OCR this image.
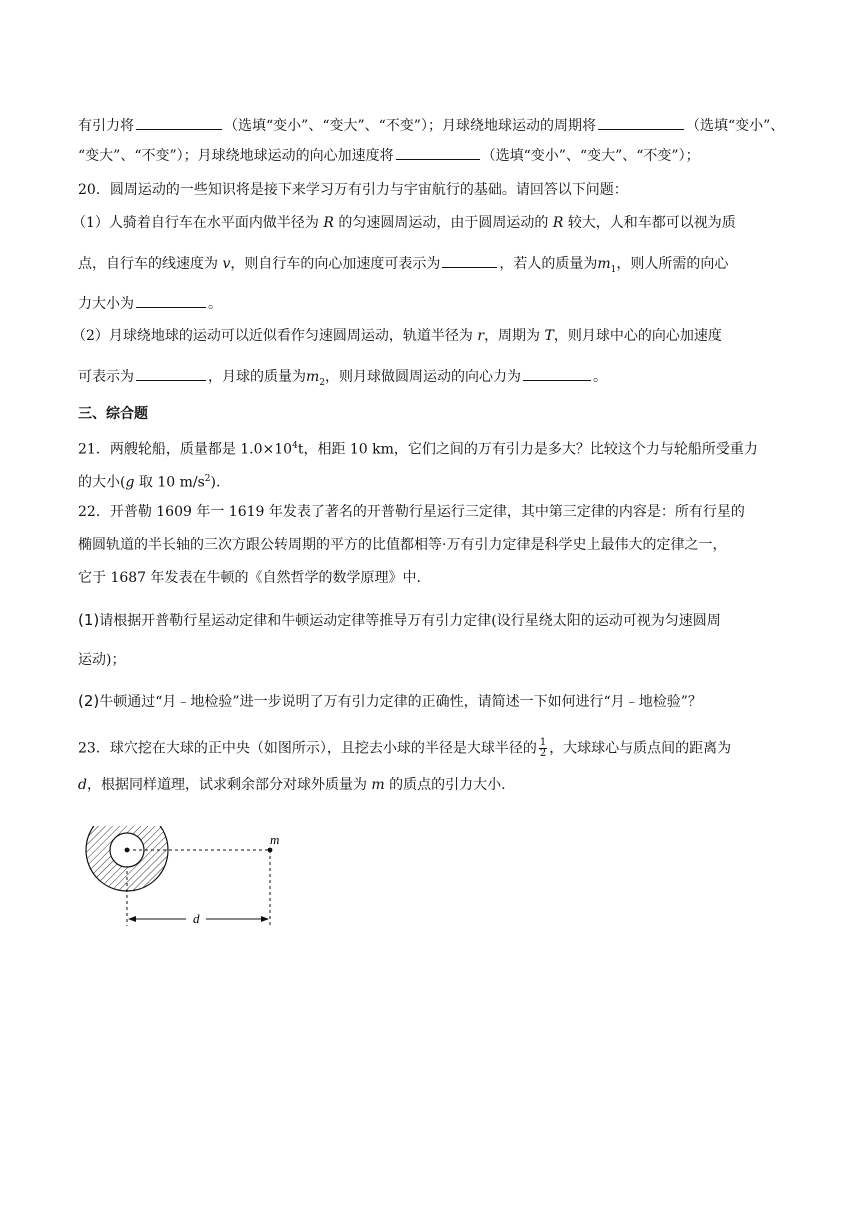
有引力将	（选填“变小”、“变大”、“不变”）；月球绕地球运动的周期将	（选填“变小”、
“变大”、“不变”）；月球绕地球运动的向心加速度将	（选填“变小”、“变大”、“不变”）；
20．圆周运动的一些知识将是接下来学习万有引力与宇宙航行的基础。请回答以下问题：
（1）人骑着自行车在水平面内做半径为 R 的匀速圆周运动，由于圆周运动的 R 较大，人和车都可以视为质
点，自行车的线速度为 v，则自行车的向心加速度可表示为	，若人的质量为$m_1$，则人所需的向心
力大小为	。
（2）月球绕地球的运动可以近似看作匀速圆周运动，轨道半径为 r，周期为 T，则月球中心的向心加速度
可表示为	，月球的质量为$m_2$，则月球做圆周运动的向心力为	。
三、综合题
21．两艘轮船，质量都是 $1.0\times 10^4t$，相距 10 km，它们之间的万有引力是多大？比较这个力与轮船所受重力
的大小(g 取 10 $m/s^2$).
22．开普勒 1609 年一 1619 年发表了著名的开普勒行星运行三定律，其中第三定律的内容是：所有行星的
椭圆轨道的半长轴的三次方跟公转周期的平方的比值都相等·万有引力定律是科学史上最伟大的定律之一，
它于 1687 年发表在牛顿的《自然哲学的数学原理》中.
(1)请根据开普勒行星运动定律和牛顿运动定律等推导万有引力定律(设行星绕太阳的运动可视为匀速圆周
运动)；
(2)牛顿通过“月﹣地检验”进一步说明了万有引力定律的正确性，请简述一下如何进行“月﹣地检验”？
23．球穴挖在大球的正中央（如图所示），且挖去小球的半径是大球半径的 $\frac{1}{2}$ ，大球球心与质点间的距离为
d，根据同样道理，试求剩余部分对球外质量为 m 的质点的引力大小.
m
d
